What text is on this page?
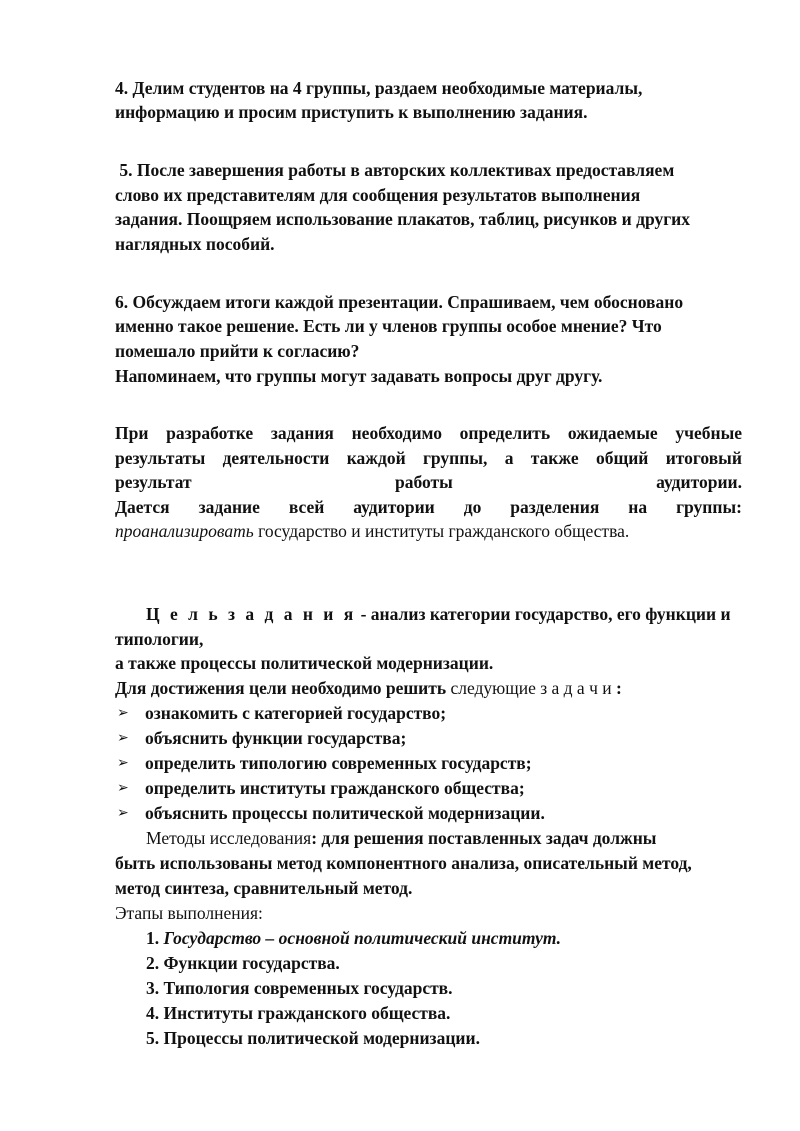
4. Делим студентов на 4 группы, раздаем необходимые материалы,
информацию и просим приступить к выполнению задания.
5. После завершения работы в авторских коллективах предоставляем
слово их представителям для сообщения результатов выполнения
задания. Поощряем использование плакатов, таблиц, рисунков и других
наглядных пособий.
6. Обсуждаем итоги каждой презентации. Спрашиваем, чем обосновано
именно такое решение. Есть ли у членов группы особое мнение? Что
помешало прийти к согласию?
Напоминаем, что группы могут задавать вопросы друг другу.
При разработке задания необходимо определить ожидаемые учебные
результаты деятельности каждой группы, а также общий итоговый
результат	работы	аудитории.
Дается задание всей аудитории до разделения на группы:
проанализировать государство и институты гражданского общества.
Ц е л ь з а д а н и я - анализ категории государство, его функции и
типологии,
а также процессы политической модернизации.
Для достижения цели необходимо решить следующие з а д а ч и :
➢ ознакомить с категорией государство;
➢ объяснить функции государства;
➢ определить типологию современных государств;
➢ определить институты гражданского общества;
➢ объяснить процессы политической модернизации.
Методы исследования: для решения поставленных задач должны
быть использованы метод компонентного анализа, описательный метод,
метод синтеза, сравнительный метод.
Этапы выполнения:
1. Государство – основной политический институт.
2. Функции государства.
3. Типология современных государств.
4. Институты гражданского общества.
5. Процессы политической модернизации.
